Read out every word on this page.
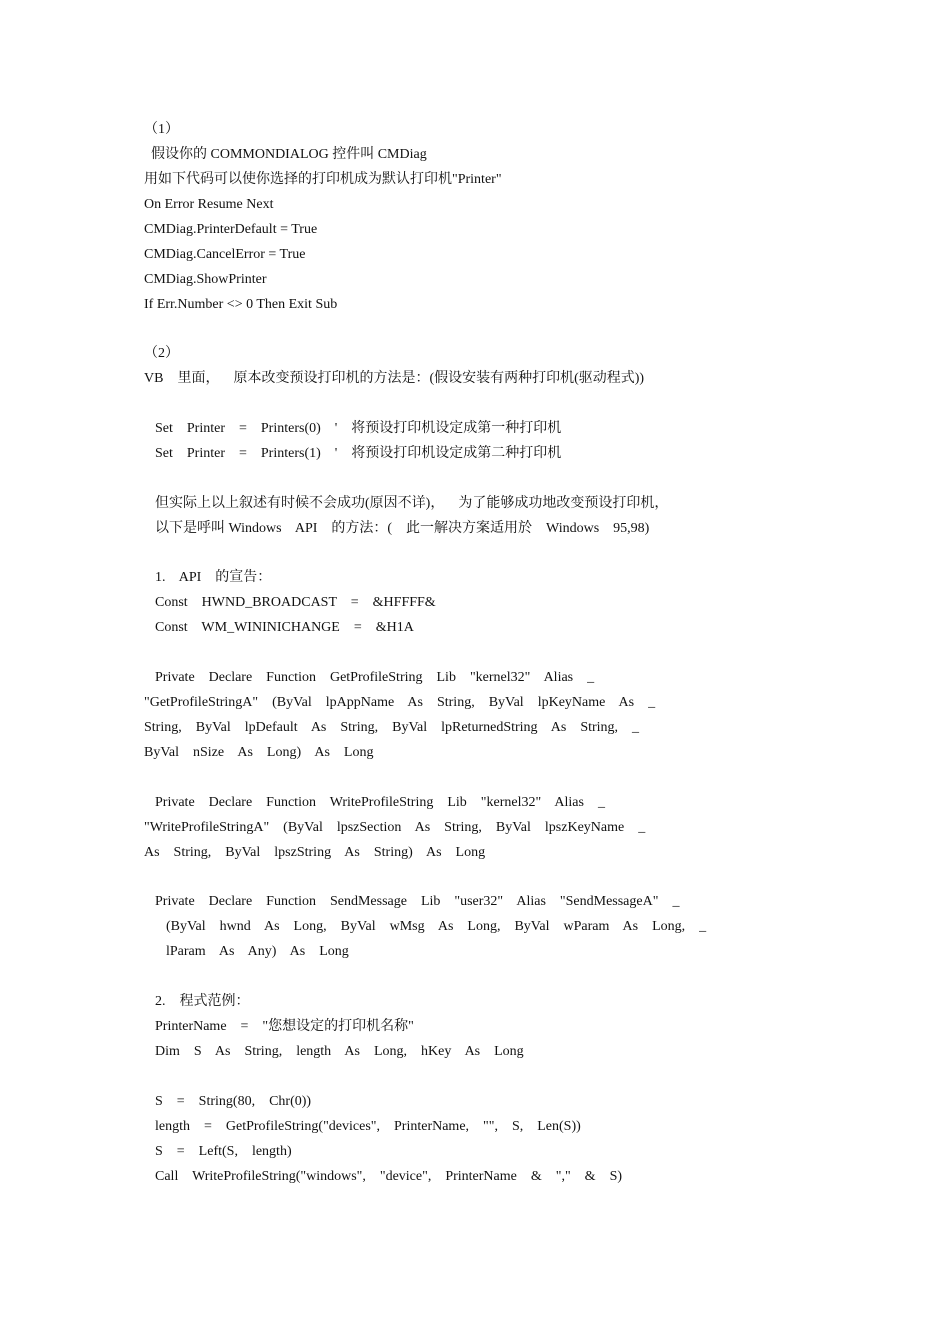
（1）
假设你的 COMMONDIALOG 控件叫 CMDiag
用如下代码可以使你选择的打印机成为默认打印机"Printer"
On Error Resume Next
CMDiag.PrinterDefault = True
CMDiag.CancelError = True
CMDiag.ShowPrinter
If Err.Number <> 0 Then Exit Sub
（2）
VB    里面，    原本改变预设打印机的方法是：(假设安装有两种打印机(驱动程式))
Set    Printer    =    Printers(0)    '    将预设打印机设定成第一种打印机
Set    Printer    =    Printers(1)    '    将预设打印机设定成第二种打印机
但实际上以上叙述有时候不会成功(原因不详)，    为了能够成功地改变预设打印机，
以下是呼叫 Windows    API    的方法：(    此一解决方案适用於    Windows    95,98)
1.    API    的宣告：
Const    HWND_BROADCAST    =    &HFFFF&
Const    WM_WININICHANGE    =    &H1A
Private    Declare    Function    GetProfileString    Lib    "kernel32"    Alias    _
"GetProfileStringA"    (ByVal    lpAppName    As    String,    ByVal    lpKeyName    As    _
String,    ByVal    lpDefault    As    String,    ByVal    lpReturnedString    As    String,    _
ByVal    nSize    As    Long)    As    Long
Private    Declare    Function    WriteProfileString    Lib    "kernel32"    Alias    _
"WriteProfileStringA"    (ByVal    lpszSection    As    String,    ByVal    lpszKeyName    _
As    String,    ByVal    lpszString    As    String)    As    Long
Private    Declare    Function    SendMessage    Lib    "user32"    Alias    "SendMessageA"    _
(ByVal    hwnd    As    Long,    ByVal    wMsg    As    Long,    ByVal    wParam    As    Long,    _
lParam    As    Any)    As    Long
2.    程式范例：
PrinterName    =    "您想设定的打印机名称"
Dim    S    As    String,    length    As    Long,    hKey    As    Long
S    =    String(80,    Chr(0))
length    =    GetProfileString("devices",    PrinterName,    "",    S,    Len(S))
S    =    Left(S,    length)
Call    WriteProfileString("windows",    "device",    PrinterName    &    ","    &    S)
